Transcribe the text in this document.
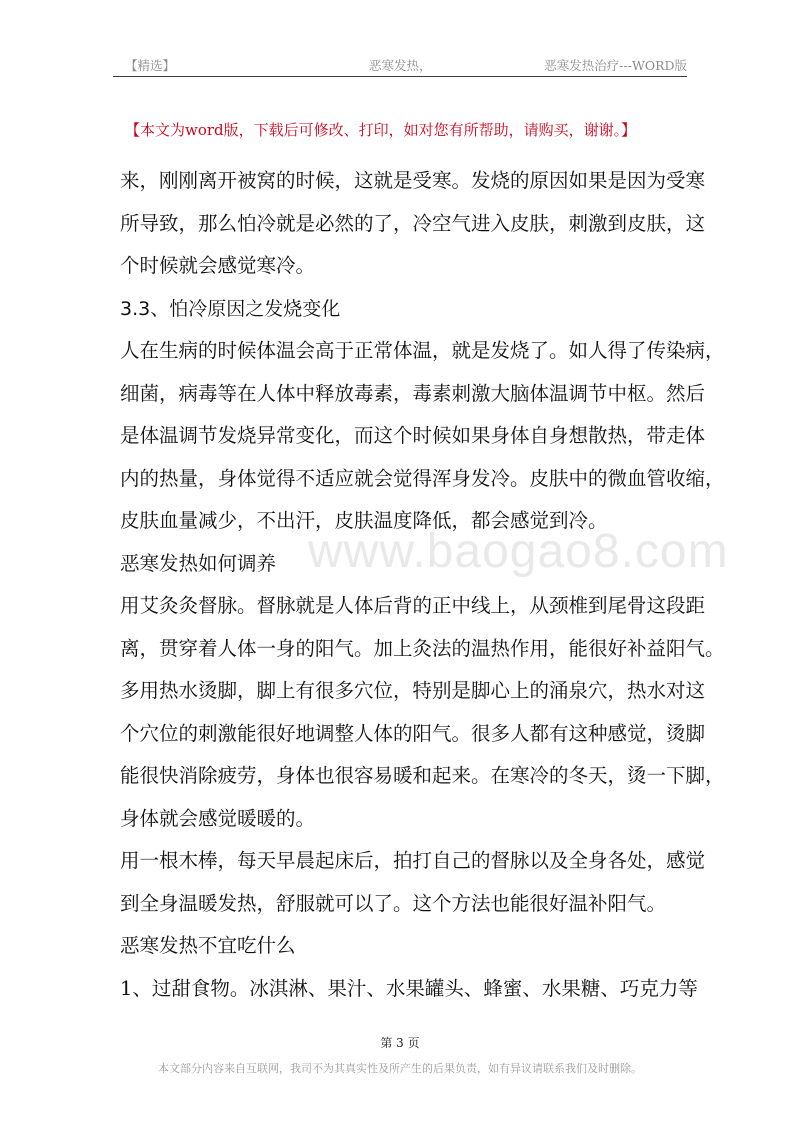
【精选】	恶寒发热，	恶寒发热治疗---WORD版
【本文为word版，下载后可修改、打印，如对您有所帮助，请购买，谢谢。】
www.baogao8.com
来，刚刚离开被窝的时候，这就是受寒。发烧的原因如果是因为受寒
所导致，那么怕冷就是必然的了，冷空气进入皮肤，刺激到皮肤，这
个时候就会感觉寒冷。
3.3、怕冷原因之发烧变化
人在生病的时候体温会高于正常体温，就是发烧了。如人得了传染病，
细菌，病毒等在人体中释放毒素，毒素刺激大脑体温调节中枢。然后
是体温调节发烧异常变化，而这个时候如果身体自身想散热，带走体
内的热量，身体觉得不适应就会觉得浑身发冷。皮肤中的微血管收缩，
皮肤血量减少，不出汗，皮肤温度降低，都会感觉到冷。
恶寒发热如何调养
用艾灸灸督脉。督脉就是人体后背的正中线上，从颈椎到尾骨这段距
离，贯穿着人体一身的阳气。加上灸法的温热作用，能很好补益阳气。
多用热水烫脚，脚上有很多穴位，特别是脚心上的涌泉穴，热水对这
个穴位的刺激能很好地调整人体的阳气。很多人都有这种感觉，烫脚
能很快消除疲劳，身体也很容易暖和起来。在寒冷的冬天，烫一下脚，
身体就会感觉暖暖的。
用一根木棒，每天早晨起床后，拍打自己的督脉以及全身各处，感觉
到全身温暖发热，舒服就可以了。这个方法也能很好温补阳气。
恶寒发热不宜吃什么
1、过甜食物。冰淇淋、果汁、水果罐头、蜂蜜、水果糖、巧克力等
第 3 页
本文部分内容来自互联网，我司不为其真实性及所产生的后果负责，如有异议请联系我们及时删除。
